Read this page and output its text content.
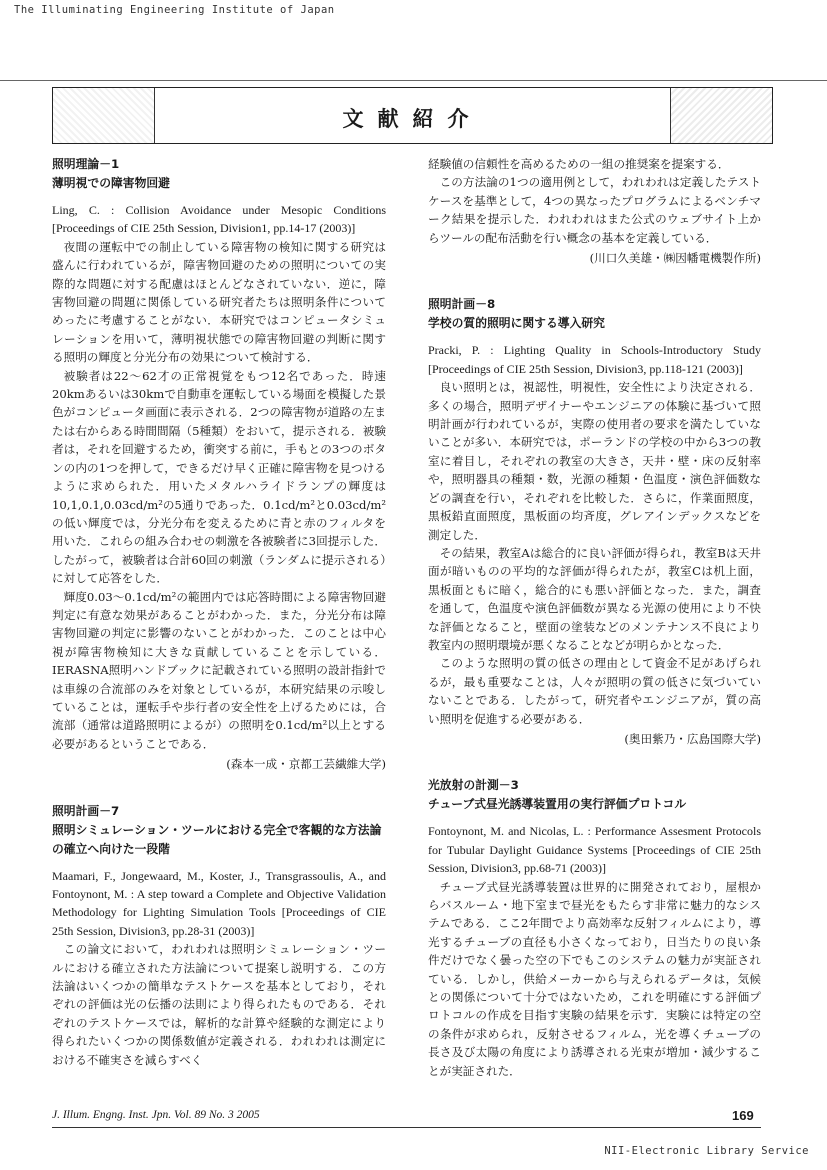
The Illuminating Engineering Institute of Japan
文献紹介
照明理論－1
薄明視での障害物回避
Ling, C. : Collision Avoidance under Mesopic Conditions [Proceedings of CIE 25th Session, Division1, pp.14-17 (2003)]

夜間の運転中での制止している障害物の検知に関する研究は盛んに行われているが，障害物回避のための照明についての実際的な問題に対する配慮はほとんどなされていない．逆に，障害物回避の問題に関係している研究者たちは照明条件についてめったに考慮することがない．本研究ではコンピュータシミュレーションを用いて，薄明視状態での障害物回避の判断に関する照明の輝度と分光分布の効果について検討する．

被験者は22〜62才の正常視覚をもつ12名であった．時速20kmあるいは30kmで自動車を運転している場面を模擬した景色がコンピュータ画面に表示される．2つの障害物が道路の左または右からある時間間隔（5種類）をおいて，提示される．被験者は，それを回避するため，衝突する前に，手もとの3つのボタンの内の1つを押して，できるだけ早く正確に障害物を見つけるように求められた．用いたメタルハライドランプの輝度は10,1,0.1,0.03cd/m²の5通りであった．0.1cd/m²と0.03cd/m²の低い輝度では，分光分布を変えるために青と赤のフィルタを用いた．これらの組み合わせの刺激を各被験者に3回提示した．したがって，被験者は合計60回の刺激（ランダムに提示される）に対して応答をした．

輝度0.03〜0.1cd/m²の範囲内では応答時間による障害物回避判定に有意な効果があることがわかった．また，分光分布は障害物回避の判定に影響のないことがわかった．このことは中心視が障害物検知に大きな貢献していることを示している．IERASNA照明ハンドブックに記載されている照明の設計指針では車線の合流部のみを対象としているが，本研究結果の示唆していることは，運転手や歩行者の安全性を上げるためには，合流部（通常は道路照明によるが）の照明を0.1cd/m²以上とする必要があるということである．

(森本一成・京都工芸繊維大学)
照明計画－7
照明シミュレーション・ツールにおける完全で客観的な方法論の確立へ向けた一段階
Maamari, F., Jongewaard, M., Koster, J., Transgrassoulis, A., and Fontoynont, M. : A step toward a Complete and Objective Validation Methodology for Lighting Simulation Tools [Proceedings of CIE 25th Session, Division3, pp.28-31 (2003)]

この論文において，われわれは照明シミュレーション・ツールにおける確立された方法論について提案し説明する．この方法論はいくつかの簡単なテストケースを基本としており，それぞれの評価は光の伝播の法則により得られたものである．それぞれのテストケースでは，解析的な計算や経験的な測定により得られたいくつかの関係数値が定義される．われわれは測定における不確実さを減らすべく

経験値の信頼性を高めるための一組の推奨案を提案する．

この方法論の1つの適用例として，われわれは定義したテストケースを基準として，4つの異なったプログラムによるベンチマーク結果を提示した．われわれはまた公式のウェブサイト上からツールの配布活動を行い概念の基本を定義している．

(川口久美雄・㈱因幡電機製作所)
照明計画－8
学校の質的照明に関する導入研究
Pracki, P. : Lighting Quality in Schools-Introductory Study [Proceedings of CIE 25th Session, Division3, pp.118-121 (2003)]

良い照明とは，視認性，明視性，安全性により決定される．多くの場合，照明デザイナーやエンジニアの体験に基づいて照明計画が行われているが，実際の使用者の要求を満たしていないことが多い．本研究では，ポーランドの学校の中から3つの教室に着目し，それぞれの教室の大きさ，天井・壁・床の反射率や，照明器具の種類・数，光源の種類・色温度・演色評価数などの調査を行い，それぞれを比較した．さらに，作業面照度，黒板鉛直面照度，黒板面の均斉度，グレアインデックスなどを測定した．

その結果，教室Aは総合的に良い評価が得られ，教室Bは天井面が暗いものの平均的な評価が得られたが，教室Cは机上面，黒板面ともに暗く，総合的にも悪い評価となった．また，調査を通して，色温度や演色評価数が異なる光源の使用により不快な評価となること，壁面の塗装などのメンテナンス不良により教室内の照明環境が悪くなることなどが明らかとなった．

このような照明の質の低さの理由として資金不足があげられるが，最も重要なことは，人々が照明の質の低さに気づいていないことである．したがって，研究者やエンジニアが，質の高い照明を促進する必要がある．

(奥田紫乃・広島国際大学)
光放射の計測－3
チューブ式昼光誘導装置用の実行評価プロトコル
Fontoynont, M. and Nicolas, L. : Performance Assesment Protocols for Tubular Daylight Guidance Systems [Proceedings of CIE 25th Session, Division3, pp.68-71 (2003)]

チューブ式昼光誘導装置は世界的に開発されており，屋根からバスルーム・地下室まで昼光をもたらす非常に魅力的なシステムである．ここ2年間でより高効率な反射フィルムにより，導光するチューブの直径も小さくなっており，日当たりの良い条件だけでなく曇った空の下でもこのシステムの魅力が実証されている．しかし，供給メーカーから与えられるデータは，気候との関係について十分ではないため，これを明確にする評価プロトコルの作成を目指す実験の結果を示す．実験には特定の空の条件が求められ，反射させるフィルム，光を導くチューブの長さ及び太陽の角度により誘導される光束が増加・減少することが実証された．

J. Illum. Engng. Inst. Jpn. Vol. 89 No. 3 2005	169
NII-Electronic Library Service
